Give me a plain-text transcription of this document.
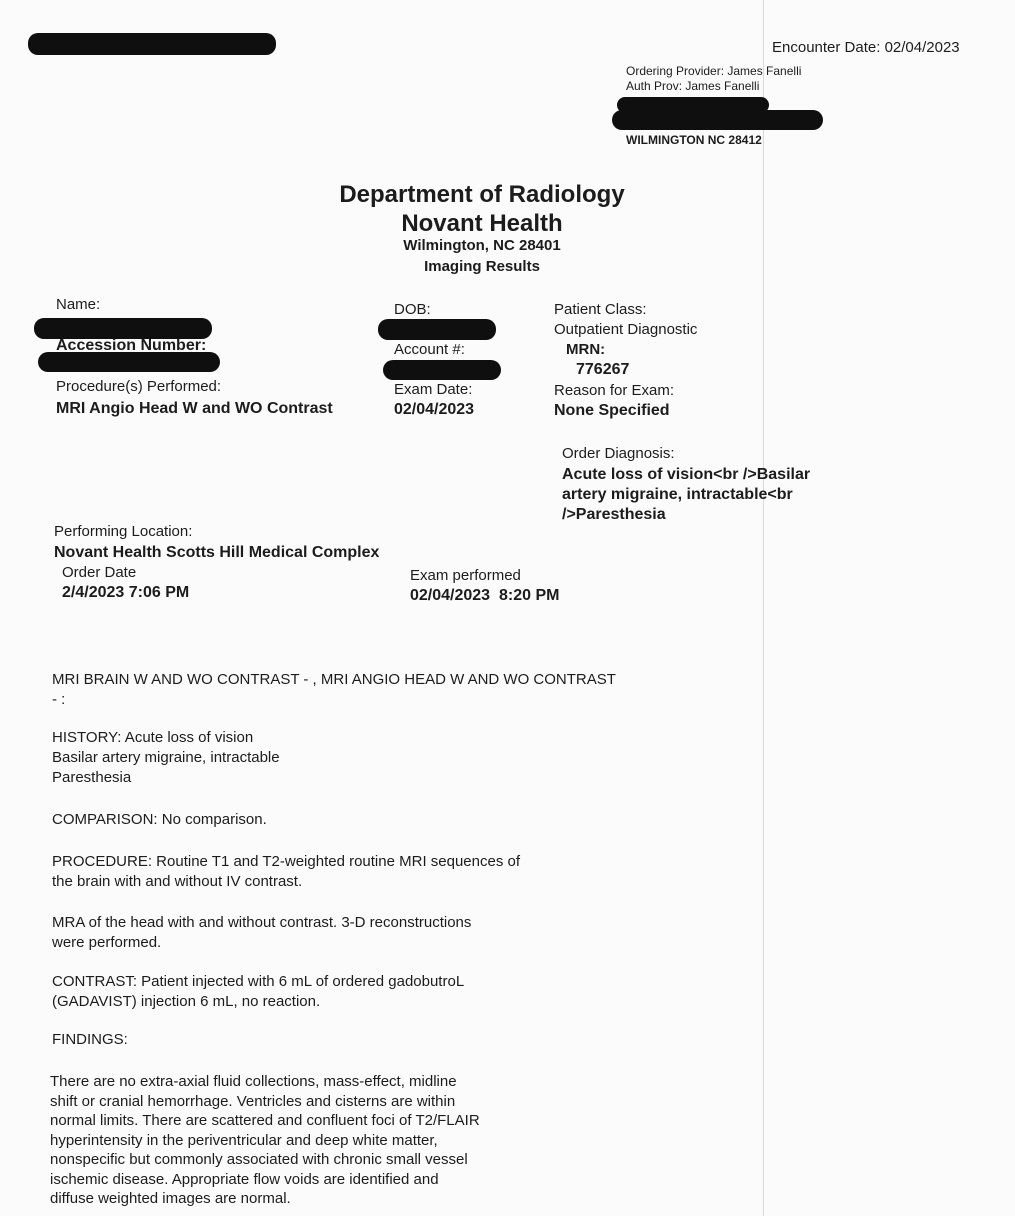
Encounter Date: 02/04/2023
Ordering Provider: James Fanelli
Auth Prov: James Fanelli
WILMINGTON NC 28412
Department of Radiology
Novant Health
Wilmington, NC 28401
Imaging Results
Name:
Accession Number:
Procedure(s) Performed:
MRI Angio Head W and WO Contrast
DOB:
Account #:
Exam Date:
02/04/2023
Patient Class:
Outpatient Diagnostic
MRN:
776267
Reason for Exam:
None Specified
Order Diagnosis:
Acute loss of vision<br />Basilar
artery migraine, intractable<br
/>Paresthesia
Performing Location:
Novant Health Scotts Hill Medical Complex
Order Date
2/4/2023 7:06 PM
Exam performed
02/04/2023  8:20 PM
MRI BRAIN W AND WO CONTRAST - , MRI ANGIO HEAD W AND WO CONTRAST
- :
HISTORY: Acute loss of vision
Basilar artery migraine, intractable
Paresthesia
COMPARISON: No comparison.
PROCEDURE: Routine T1 and T2-weighted routine MRI sequences of
the brain with and without IV contrast.
MRA of the head with and without contrast. 3-D reconstructions
were performed.
CONTRAST: Patient injected with 6 mL of ordered gadobutroL
(GADAVIST) injection 6 mL, no reaction.
FINDINGS:
There are no extra-axial fluid collections, mass-effect, midline
shift or cranial hemorrhage. Ventricles and cisterns are within
normal limits. There are scattered and confluent foci of T2/FLAIR
hyperintensity in the periventricular and deep white matter,
nonspecific but commonly associated with chronic small vessel
ischemic disease. Appropriate flow voids are identified and
diffuse weighted images are normal.
